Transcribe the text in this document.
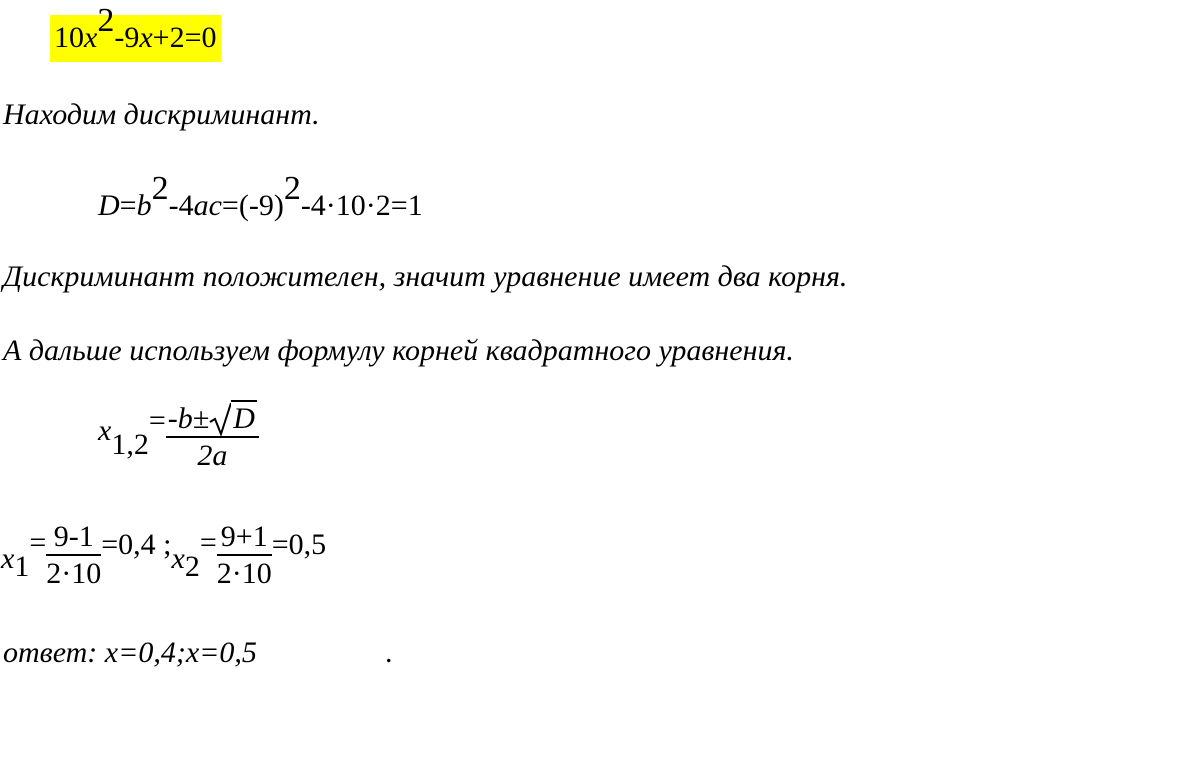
10x2-9x+2=0
Находим дискриминант.
D=b2-4ac=(-9)2-4·10·2=1
Дискриминант положителен, значит уравнение имеет два корня.
А дальше используем формулу корней квадратного уравнения.
$x1,2= \frac{-b\pm D}{2a}$
$x1= \frac{9-1}{2\cdot 10} =0,4$ ;x2= $\frac{9+1}{2\cdot 10} =0,5$
ответ: x=0,4;x=0,5	.
